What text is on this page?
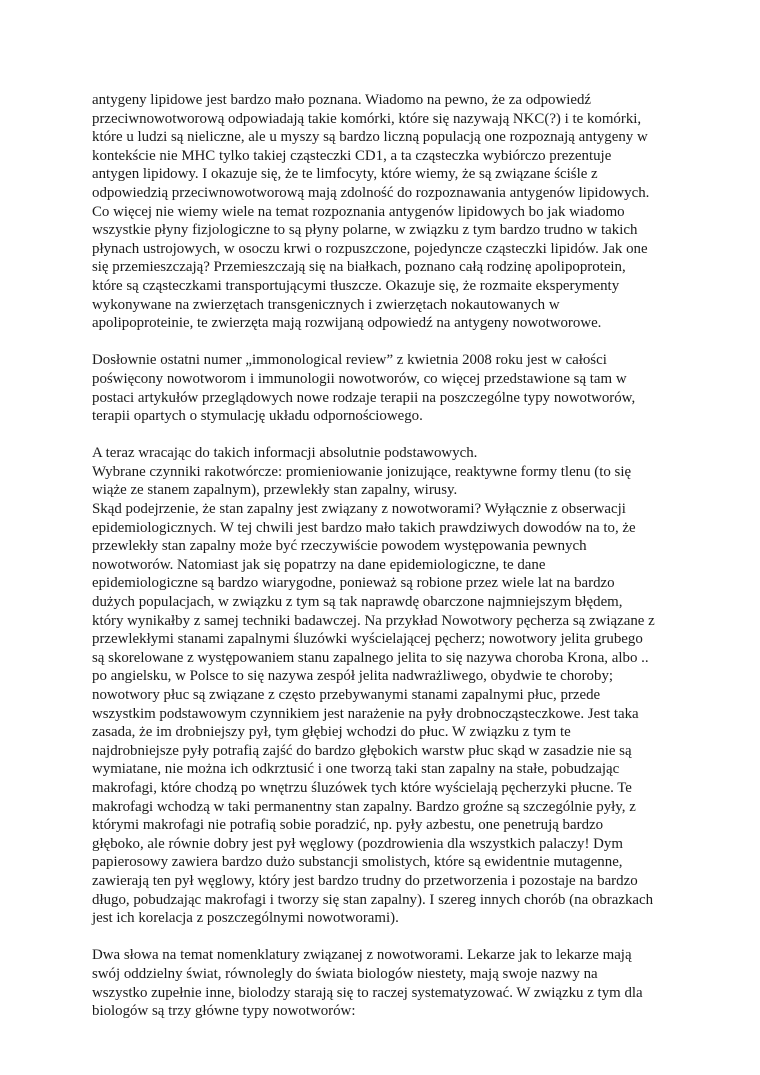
antygeny lipidowe jest bardzo mało poznana. Wiadomo na pewno, że za odpowiedź
przeciwnowotworową odpowiadają takie komórki, które się nazywają NKC(?) i te komórki,
które u ludzi są nieliczne, ale u myszy są bardzo liczną populacją one rozpoznają antygeny w
kontekście nie MHC tylko takiej cząsteczki CD1, a ta cząsteczka wybiórczo prezentuje
antygen lipidowy. I okazuje się, że te limfocyty, które wiemy, że są związane ściśle z
odpowiedzią przeciwnowotworową mają zdolność do rozpoznawania antygenów lipidowych.
Co więcej nie wiemy wiele na temat rozpoznania antygenów lipidowych bo jak wiadomo
wszystkie płyny fizjologiczne to są płyny polarne, w związku z tym bardzo trudno w takich
płynach ustrojowych, w osoczu krwi o rozpuszczone, pojedyncze cząsteczki lipidów. Jak one
się przemieszczają? Przemieszczają się na białkach, poznano całą rodzinę apolipoprotein,
które są cząsteczkami transportującymi tłuszcze. Okazuje się, że rozmaite eksperymenty
wykonywane na zwierzętach transgenicznych i zwierzętach nokautowanych w
apolipoproteinie, te zwierzęta mają rozwijaną odpowiedź na antygeny nowotworowe.
Dosłownie ostatni numer „immonological review” z kwietnia 2008 roku jest w całości
poświęcony nowotworom i immunologii nowotworów, co więcej przedstawione są tam w
postaci artykułów przeglądowych nowe rodzaje terapii na poszczególne typy nowotworów,
terapii opartych o stymulację układu odpornościowego.
A teraz wracając do takich informacji absolutnie podstawowych.
Wybrane czynniki rakotwórcze: promieniowanie jonizujące, reaktywne formy tlenu (to się
wiąże ze stanem zapalnym), przewlekły stan zapalny, wirusy.
Skąd podejrzenie, że stan zapalny jest związany z nowotworami? Wyłącznie z obserwacji
epidemiologicznych. W tej chwili jest bardzo mało takich prawdziwych dowodów na to, że
przewlekły stan zapalny może być rzeczywiście powodem występowania pewnych
nowotworów. Natomiast jak się popatrzy na dane epidemiologiczne, te dane
epidemiologiczne są bardzo wiarygodne, ponieważ są robione przez wiele lat na bardzo
dużych populacjach, w związku z tym są tak naprawdę obarczone najmniejszym błędem,
który wynikałby z samej techniki badawczej. Na przykład Nowotwory pęcherza są związane z
przewlekłymi stanami zapalnymi śluzówki wyścielającej pęcherz; nowotwory jelita grubego
są skorelowane z występowaniem stanu zapalnego jelita to się nazywa choroba Krona, albo ..
po angielsku, w Polsce to się nazywa zespół jelita nadwrażliwego, obydwie te choroby;
nowotwory płuc są związane z często przebywanymi stanami zapalnymi płuc, przede
wszystkim podstawowym czynnikiem jest narażenie na pyły drobnocząsteczkowe. Jest taka
zasada, że im drobniejszy pył, tym głębiej wchodzi do płuc. W związku z tym te
najdrobniejsze pyły potrafią zajść do bardzo głębokich warstw płuc skąd w zasadzie nie są
wymiatane, nie można ich odkrztusić i one tworzą taki stan zapalny na stałe, pobudzając
makrofagi, które chodzą po wnętrzu śluzówek tych które wyścielają pęcherzyki płucne. Te
makrofagi wchodzą w taki permanentny stan zapalny. Bardzo groźne są szczególnie pyły, z
którymi makrofagi nie potrafią sobie poradzić, np. pyły azbestu, one penetrują bardzo
głęboko, ale równie dobry jest pył węglowy (pozdrowienia dla wszystkich palaczy! Dym
papierosowy zawiera bardzo dużo substancji smolistych, które są ewidentnie mutagenne,
zawierają ten pył węglowy, który jest bardzo trudny do przetworzenia i pozostaje na bardzo
długo, pobudzając makrofagi i tworzy się stan zapalny). I szereg innych chorób (na obrazkach
jest ich korelacja z poszczególnymi nowotworami).
Dwa słowa na temat nomenklatury związanej z nowotworami. Lekarze jak to lekarze mają
swój oddzielny świat, równolegly do świata biologów niestety, mają swoje nazwy na
wszystko zupełnie inne, biolodzy starają się to raczej systematyzować. W związku z tym dla
biologów są trzy główne typy nowotworów:
